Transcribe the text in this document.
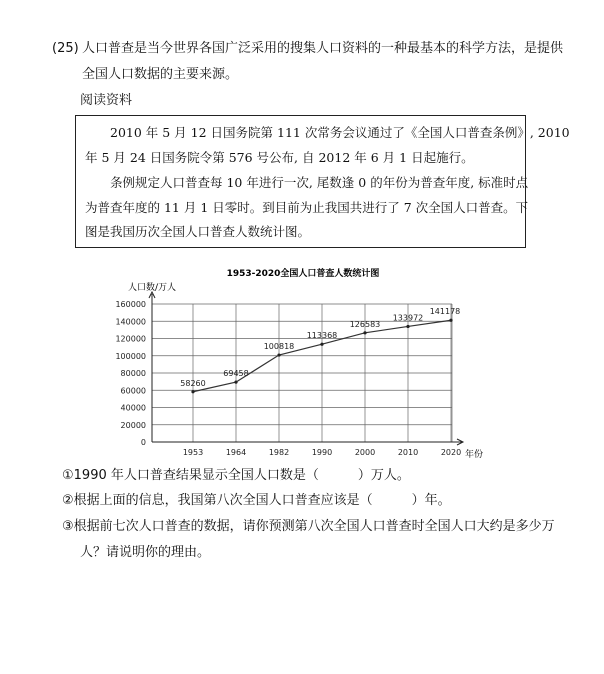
(25) 人口普查是当今世界各国广泛采用的搜集人口资料的一种最基本的科学方法，是提供
全国人口数据的主要来源。
阅读资料
2010 年 5 月 12 日国务院第 111 次常务会议通过了《全国人口普查条例》, 2010
年 5 月 24 日国务院令第 576 号公布, 自 2012 年 6 月 1 日起施行。
条例规定人口普查每 10 年进行一次, 尾数逢 0 的年份为普查年度, 标准时点
为普查年度的 11 月 1 日零时。到目前为止我国共进行了 7 次全国人口普查。下
图是我国历次全国人口普查人数统计图。
1953-2020全国人口普查人数统计图
人口数/万人
年份
0
20000
40000
60000
80000
100000
120000
140000
160000
1953	1964	1982	1990	2000	2010	2020
58260
69458
100818
113368
126583
133972
141178
①1990 年人口普查结果显示全国人口数是（　　　）万人。
②根据上面的信息，我国第八次全国人口普查应该是（　　　）年。
③根据前七次人口普查的数据，请你预测第八次全国人口普查时全国人口大约是多少万
人？请说明你的理由。
